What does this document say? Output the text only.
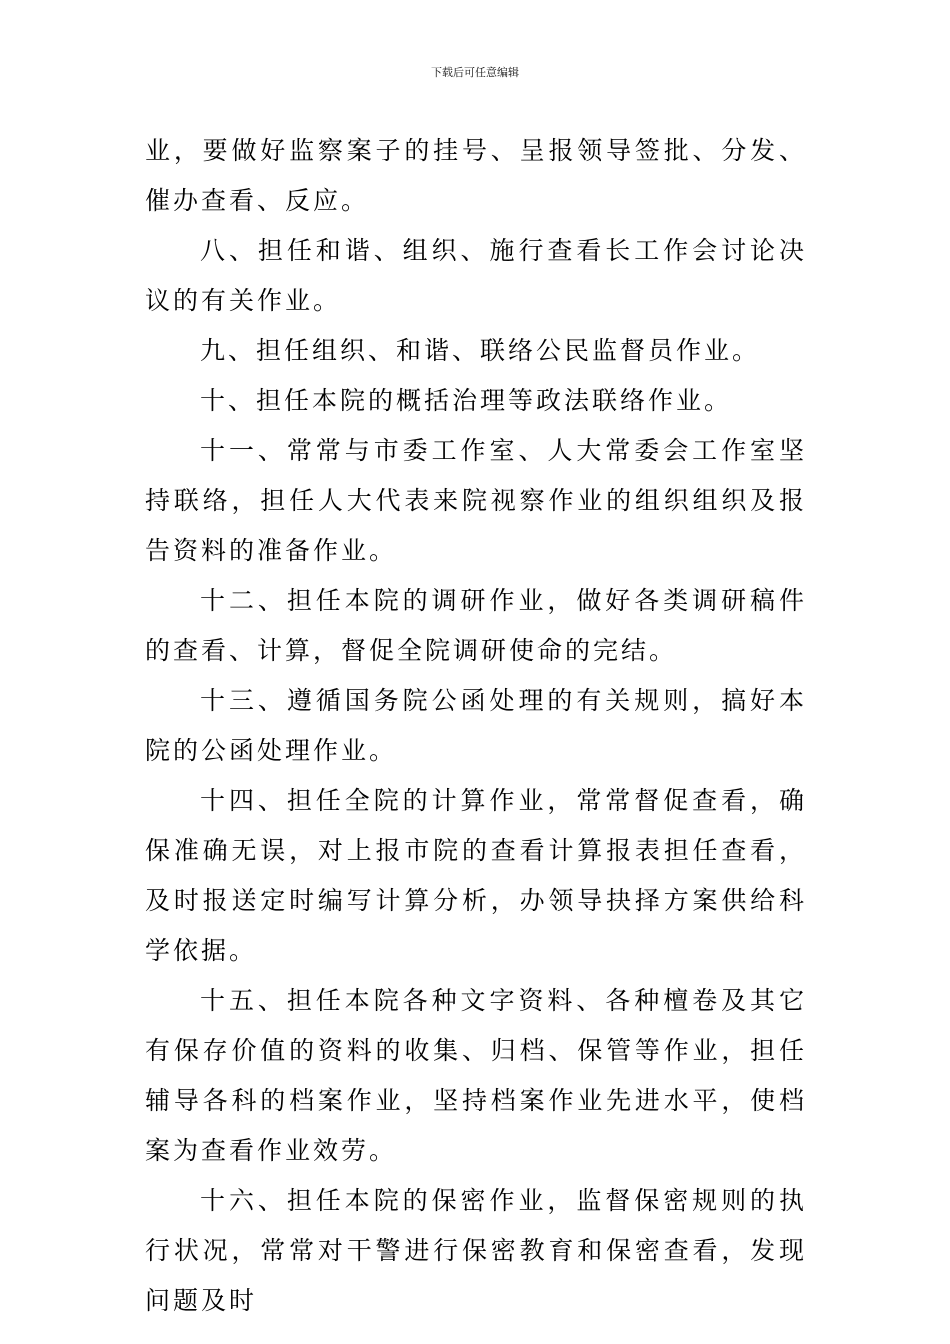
下载后可任意编辑

业，要做好监察案子的挂号、呈报领导签批、分发、催办查看、反应。

八、担任和谐、组织、施行查看长工作会讨论决议的有关作业。

九、担任组织、和谐、联络公民监督员作业。

十、担任本院的概括治理等政法联络作业。

十一、常常与市委工作室、人大常委会工作室坚持联络，担任人大代表来院视察作业的组织组织及报告资料的准备作业。

十二、担任本院的调研作业，做好各类调研稿件的查看、计算，督促全院调研使命的完结。

十三、遵循国务院公函处理的有关规则，搞好本院的公函处理作业。

十四、担任全院的计算作业，常常督促查看，确保准确无误，对上报市院的查看计算报表担任查看，及时报送定时编写计算分析，办领导抉择方案供给科学依据。

十五、担任本院各种文字资料、各种檀卷及其它有保存价值的资料的收集、归档、保管等作业，担任辅导各科的档案作业，坚持档案作业先进水平，使档案为查看作业效劳。

十六、担任本院的保密作业，监督保密规则的执行状况，常常对干警进行保密教育和保密查看，发现问题及时
